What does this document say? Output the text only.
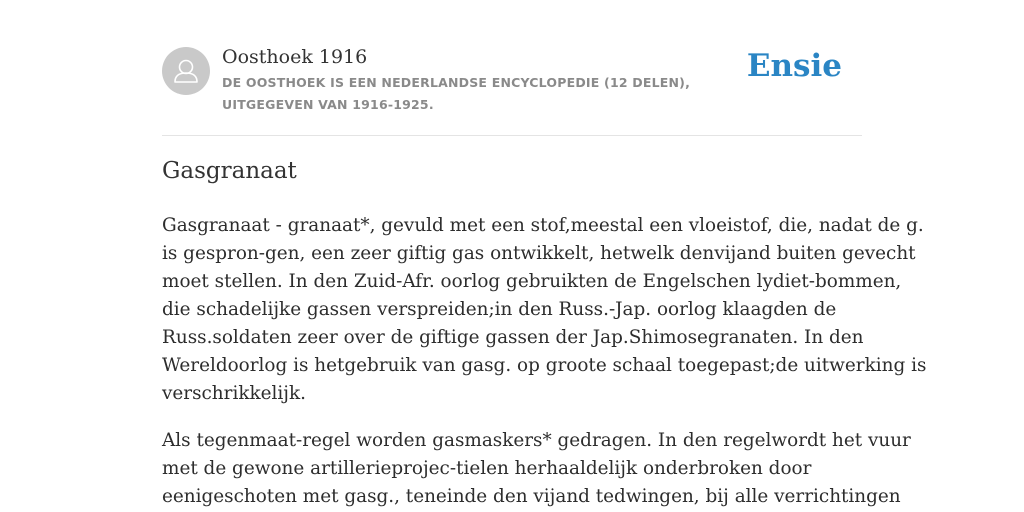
Oosthoek 1916
DE OOSTHOEK IS EEN NEDERLANDSE ENCYCLOPEDIE (12 DELEN), UITGEGEVEN VAN 1916-1925.
Ensie
Gasgranaat

Gasgranaat - granaat*, gevuld met een stof,meestal een vloeistof, die, nadat de g.
is gespron-gen, een zeer giftig gas ontwikkelt, hetwelk denvijand buiten gevecht
moet stellen. In den Zuid-Afr. oorlog gebruikten de Engelschen lydiet-bommen,
die schadelijke gassen verspreiden;in den Russ.-Jap. oorlog klaagden de
Russ.soldaten zeer over de giftige gassen der Jap.Shimosegranaten. In den
Wereldoorlog is hetgebruik van gasg. op groote schaal toegepast;de uitwerking is
verschrikkelijk.

Als tegenmaat-regel worden gasmaskers* gedragen. In den regelwordt het vuur
met de gewone artillerieprojec-tielen herhaaldelijk onderbroken door
eenigeschoten met gasg., teneinde den vijand tedwingen, bij alle verrichtingen
